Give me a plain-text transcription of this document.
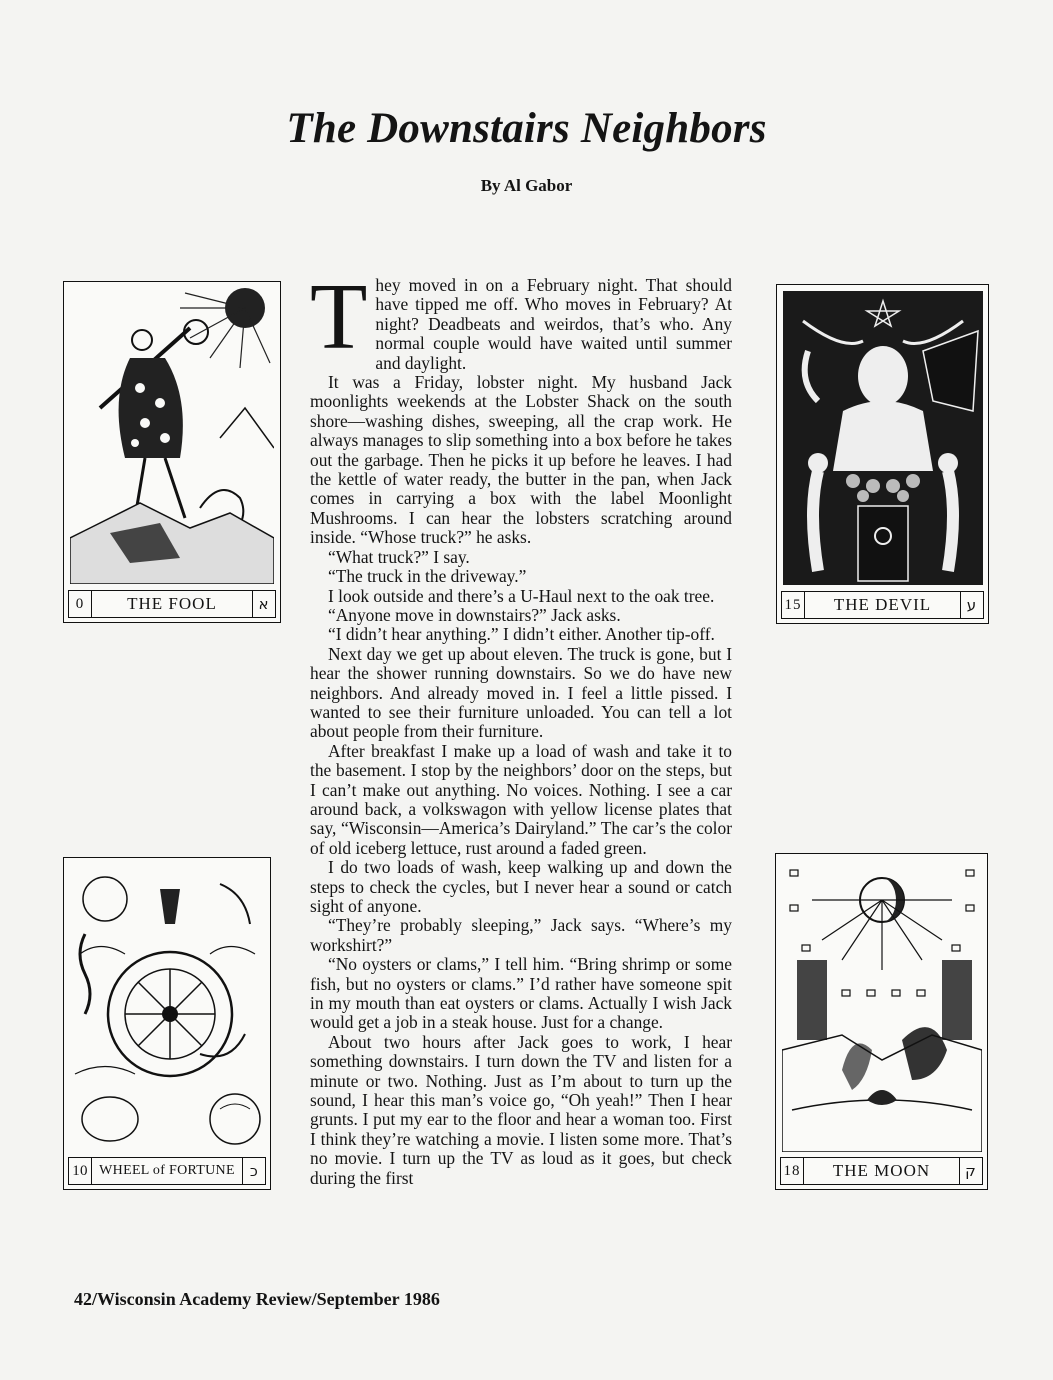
The Downstairs Neighbors
By Al Gabor
0	THE FOOL	א	15	THE DEVIL	ע
10 WHEEL of FORTUNE	כ	18	THE MOON	ק

They moved in on a February night. That should have tipped me off. Who moves in February? At night? Deadbeats and weirdos, that’s who. Any normal couple would have waited until summer and daylight.

It was a Friday, lobster night. My husband Jack moonlights weekends at the Lobster Shack on the south shore—washing dishes, sweeping, all the crap work. He always manages to slip something into a box before he takes out the garbage. Then he picks it up before he leaves. I had the kettle of water ready, the butter in the pan, when Jack comes in carrying a box with the label Moonlight Mushrooms. I can hear the lobsters scratching around inside. “Whose truck?” he asks.

“What truck?” I say.

“The truck in the driveway.”

I look outside and there’s a U-Haul next to the oak tree.

“Anyone move in downstairs?” Jack asks.

“I didn’t hear anything.” I didn’t either. Another tip-off.

Next day we get up about eleven. The truck is gone, but I hear the shower running downstairs. So we do have new neighbors. And already moved in. I feel a little pissed. I wanted to see their furniture unloaded. You can tell a lot about people from their furniture.

After breakfast I make up a load of wash and take it to the basement. I stop by the neighbors’ door on the steps, but I can’t make out anything. No voices. Nothing. I see a car around back, a volkswagon with yellow license plates that say, “Wisconsin—America’s Dairyland.” The car’s the color of old iceberg lettuce, rust around a faded green.

I do two loads of wash, keep walking up and down the steps to check the cycles, but I never hear a sound or catch sight of anyone.

“They’re probably sleeping,” Jack says. “Where’s my workshirt?”

“No oysters or clams,” I tell him. “Bring shrimp or some fish, but no oysters or clams.” I’d rather have someone spit in my mouth than eat oysters or clams. Actually I wish Jack would get a job in a steak house. Just for a change.

About two hours after Jack goes to work, I hear something downstairs. I turn down the TV and listen for a minute or two. Nothing. Just as I’m about to turn up the sound, I hear this man’s voice go, “Oh yeah!” Then I hear grunts. I put my ear to the floor and hear a woman too. First I think they’re watching a movie. I listen some more. That’s no movie. I turn up the TV as loud as it goes, but check during the first

42/Wisconsin Academy Review/September 1986
